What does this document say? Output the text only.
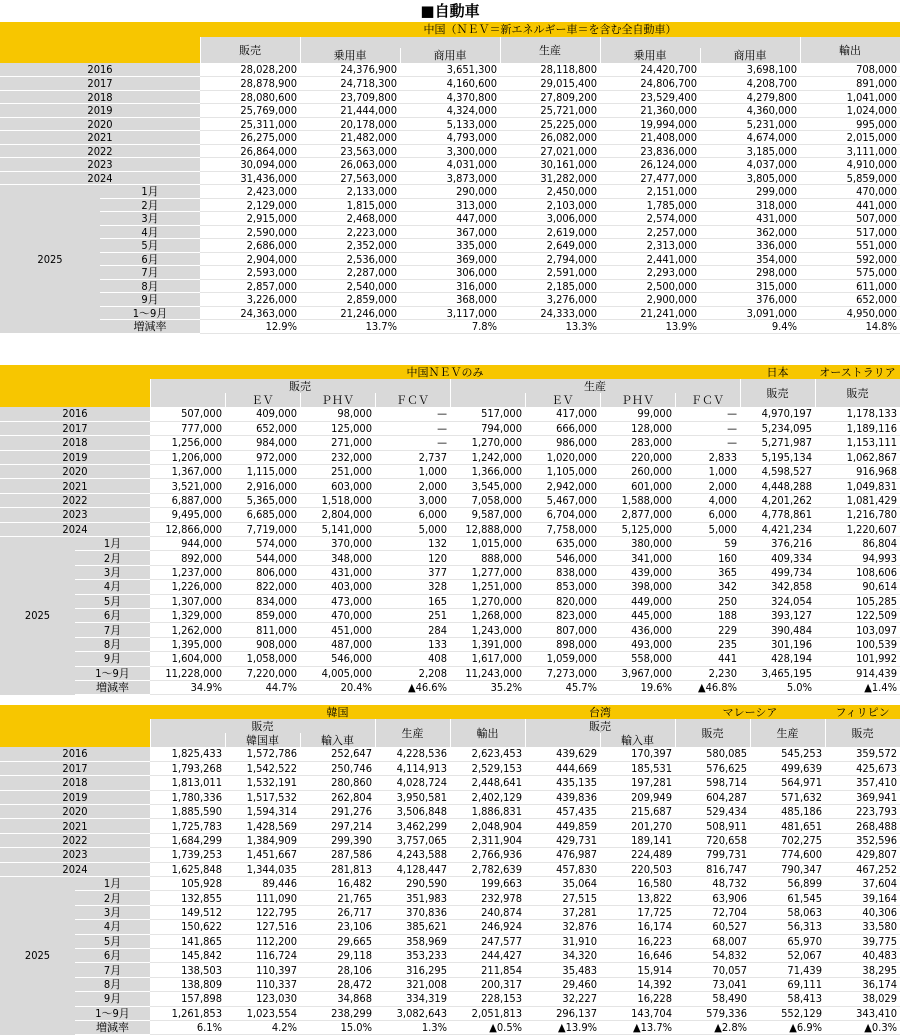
■自動車
		中国（ＮＥＶ＝新エネルギー車＝を含む全自動車）						
		販売			生産			輸出
			乗用車	商用車		乗用車	商用車	
2016		28,028,200	24,376,900	3,651,300	28,118,800	24,420,700	3,698,100	708,000
2017		28,878,900	24,718,300	4,160,600	29,015,400	24,806,700	4,208,700	891,000
2018		28,080,600	23,709,800	4,370,800	27,809,200	23,529,400	4,279,800	1,041,000
2019		25,769,000	21,444,000	4,324,000	25,721,000	21,360,000	4,360,000	1,024,000
2020		25,311,000	20,178,000	5,133,000	25,225,000	19,994,000	5,231,000	995,000
2021		26,275,000	21,482,000	4,793,000	26,082,000	21,408,000	4,674,000	2,015,000
2022		26,864,000	23,563,000	3,300,000	27,021,000	23,836,000	3,185,000	3,111,000
2023		30,094,000	26,063,000	4,031,000	30,161,000	26,124,000	4,037,000	4,910,000
2024		31,436,000	27,563,000	3,873,000	31,282,000	27,477,000	3,805,000	5,859,000
2025	1月	2,423,000	2,133,000	290,000	2,450,000	2,151,000	299,000	470,000
	2月	2,129,000	1,815,000	313,000	2,103,000	1,785,000	318,000	441,000
	3月	2,915,000	2,468,000	447,000	3,006,000	2,574,000	431,000	507,000
	4月	2,590,000	2,223,000	367,000	2,619,000	2,257,000	362,000	517,000
	5月	2,686,000	2,352,000	335,000	2,649,000	2,313,000	336,000	551,000
	6月	2,904,000	2,536,000	369,000	2,794,000	2,441,000	354,000	592,000
	7月	2,593,000	2,287,000	306,000	2,591,000	2,293,000	298,000	575,000
	8月	2,857,000	2,540,000	316,000	2,185,000	2,500,000	315,000	611,000
	9月	3,226,000	2,859,000	368,000	3,276,000	2,900,000	376,000	652,000
	1～9月	24,363,000	21,246,000	3,117,000	24,333,000	21,241,000	3,091,000	4,950,000
	増減率	12.9%	13.7%	7.8%	13.3%	13.9%	9.4%	14.8%
		中国ＮＥＶのみ								日本	オーストラリア
		販売				生産				販売	販売
			ＥＶ	ＰＨＶ	ＦＣＶ		ＥＶ	ＰＨＶ	ＦＣＶ		
2016		507,000	409,000	98,000	—	517,000	417,000	99,000	—	4,970,197	1,178,133
2017		777,000	652,000	125,000	—	794,000	666,000	128,000	—	5,234,095	1,189,116
2018		1,256,000	984,000	271,000	—	1,270,000	986,000	283,000	—	5,271,987	1,153,111
2019		1,206,000	972,000	232,000	2,737	1,242,000	1,020,000	220,000	2,833	5,195,134	1,062,867
2020		1,367,000	1,115,000	251,000	1,000	1,366,000	1,105,000	260,000	1,000	4,598,527	916,968
2021		3,521,000	2,916,000	603,000	2,000	3,545,000	2,942,000	601,000	2,000	4,448,288	1,049,831
2022		6,887,000	5,365,000	1,518,000	3,000	7,058,000	5,467,000	1,588,000	4,000	4,201,262	1,081,429
2023		9,495,000	6,685,000	2,804,000	6,000	9,587,000	6,704,000	2,877,000	6,000	4,778,861	1,216,780
2024		12,866,000	7,719,000	5,141,000	5,000	12,888,000	7,758,000	5,125,000	5,000	4,421,234	1,220,607
2025	1月	944,000	574,000	370,000	132	1,015,000	635,000	380,000	59	376,216	86,804
	2月	892,000	544,000	348,000	120	888,000	546,000	341,000	160	409,334	94,993
	3月	1,237,000	806,000	431,000	377	1,277,000	838,000	439,000	365	499,734	108,606
	4月	1,226,000	822,000	403,000	328	1,251,000	853,000	398,000	342	342,858	90,614
	5月	1,307,000	834,000	473,000	165	1,270,000	820,000	449,000	250	324,054	105,285
	6月	1,329,000	859,000	470,000	251	1,268,000	823,000	445,000	188	393,127	122,509
	7月	1,262,000	811,000	451,000	284	1,243,000	807,000	436,000	229	390,484	103,097
	8月	1,395,000	908,000	487,000	133	1,391,000	898,000	493,000	235	301,196	100,539
	9月	1,604,000	1,058,000	546,000	408	1,617,000	1,059,000	558,000	441	428,194	101,992
	1～9月	11,228,000	7,220,000	4,005,000	2,208	11,243,000	7,273,000	3,967,000	2,230	3,465,195	914,439
	増減率	34.9%	44.7%	20.4%	▲46.6%	35.2%	45.7%	19.6%	▲46.8%	5.0%	▲1.4%
		韓国					台湾		マレーシア		フィリピン
		販売			生産	輸出	販売		販売	生産	販売
			韓国車	輸入車				輸入車			
2016		1,825,433	1,572,786	252,647	4,228,536	2,623,453	439,629	170,397	580,085	545,253	359,572
2017		1,793,268	1,542,522	250,746	4,114,913	2,529,153	444,669	185,531	576,625	499,639	425,673
2018		1,813,011	1,532,191	280,860	4,028,724	2,448,641	435,135	197,281	598,714	564,971	357,410
2019		1,780,336	1,517,532	262,804	3,950,581	2,402,129	439,836	209,949	604,287	571,632	369,941
2020		1,885,590	1,594,314	291,276	3,506,848	1,886,831	457,435	215,687	529,434	485,186	223,793
2021		1,725,783	1,428,569	297,214	3,462,299	2,048,904	449,859	201,270	508,911	481,651	268,488
2022		1,684,299	1,384,909	299,390	3,757,065	2,311,904	429,731	189,141	720,658	702,275	352,596
2023		1,739,253	1,451,667	287,586	4,243,588	2,766,936	476,987	224,489	799,731	774,600	429,807
2024		1,625,848	1,344,035	281,813	4,128,447	2,782,639	457,830	220,503	816,747	790,347	467,252
2025	1月	105,928	89,446	16,482	290,590	199,663	35,064	16,580	48,732	56,899	37,604
	2月	132,855	111,090	21,765	351,983	232,978	27,515	13,822	63,906	61,545	39,164
	3月	149,512	122,795	26,717	370,836	240,874	37,281	17,725	72,704	58,063	40,306
	4月	150,622	127,516	23,106	385,621	246,924	32,876	16,174	60,527	56,313	33,580
	5月	141,865	112,200	29,665	358,969	247,577	31,910	16,223	68,007	65,970	39,775
	6月	145,842	116,724	29,118	353,233	244,427	34,320	16,646	54,832	52,067	40,483
	7月	138,503	110,397	28,106	316,295	211,854	35,483	15,914	70,057	71,439	38,295
	8月	138,809	110,337	28,472	321,008	200,317	29,460	14,392	73,041	69,111	36,174
	9月	157,898	123,030	34,868	334,319	228,153	32,227	16,228	58,490	58,413	38,029
	1～9月	1,261,853	1,023,554	238,299	3,082,643	2,051,813	296,137	143,704	579,336	552,129	343,410
	増減率	6.1%	4.2%	15.0%	1.3%	▲0.5%	▲13.9%	▲13.7%	▲2.8%	▲6.9%	▲0.3%
